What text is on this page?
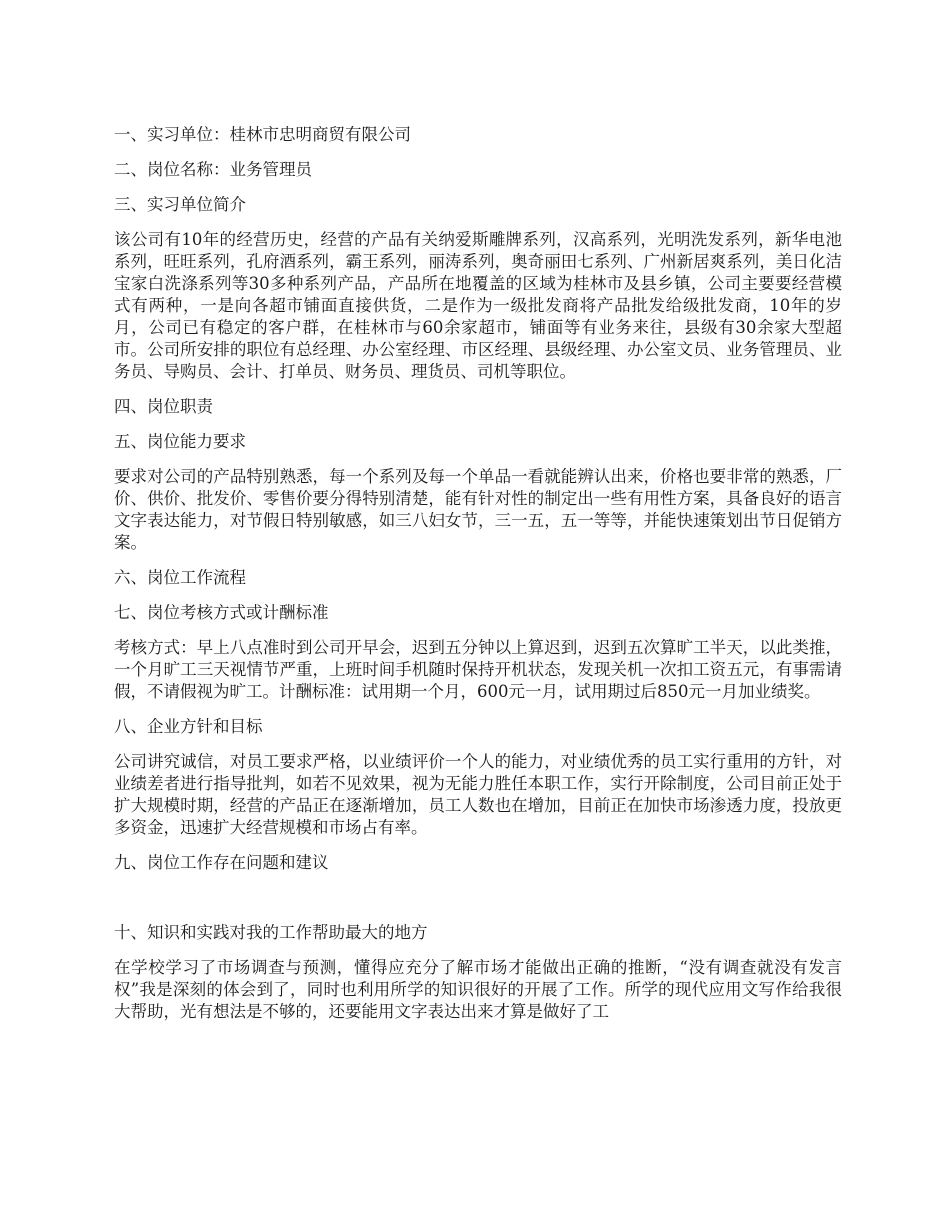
一、实习单位：桂林市忠明商贸有限公司
二、岗位名称：业务管理员
三、实习单位简介
该公司有10年的经营历史，经营的产品有关纳爱斯雕牌系列，汉高系列，光明洗发系列，新华电池系列，旺旺系列，孔府酒系列，霸王系列，丽涛系列，奥奇丽田七系列、广州新居爽系列，美日化洁宝家白洗涤系列等30多种系列产品，产品所在地覆盖的区域为桂林市及县乡镇，公司主要要经营模式有两种，一是向各超市铺面直接供货，二是作为一级批发商将产品批发给级批发商，10年的岁月，公司已有稳定的客户群，在桂林市与60余家超市，铺面等有业务来往，县级有30余家大型超市。公司所安排的职位有总经理、办公室经理、市区经理、县级经理、办公室文员、业务管理员、业务员、导购员、会计、打单员、财务员、理货员、司机等职位。
四、岗位职责
五、岗位能力要求
要求对公司的产品特别熟悉，每一个系列及每一个单品一看就能辨认出来，价格也要非常的熟悉，厂价、供价、批发价、零售价要分得特别清楚，能有针对性的制定出一些有用性方案，具备良好的语言文字表达能力，对节假日特别敏感，如三八妇女节，三一五，五一等等，并能快速策划出节日促销方案。
六、岗位工作流程
七、岗位考核方式或计酬标准
考核方式：早上八点准时到公司开早会，迟到五分钟以上算迟到，迟到五次算旷工半天，以此类推，一个月旷工三天视情节严重，上班时间手机随时保持开机状态，发现关机一次扣工资五元，有事需请假，不请假视为旷工。计酬标准：试用期一个月，600元一月，试用期过后850元一月加业绩奖。
八、企业方针和目标
公司讲究诚信，对员工要求严格，以业绩评价一个人的能力，对业绩优秀的员工实行重用的方针，对业绩差者进行指导批判，如若不见效果，视为无能力胜任本职工作，实行开除制度，公司目前正处于扩大规模时期，经营的产品正在逐渐增加，员工人数也在增加，目前正在加快市场渗透力度，投放更多资金，迅速扩大经营规模和市场占有率。
九、岗位工作存在问题和建议
十、知识和实践对我的工作帮助最大的地方
在学校学习了市场调查与预测，懂得应充分了解市场才能做出正确的推断，“没有调查就没有发言权”我是深刻的体会到了，同时也利用所学的知识很好的开展了工作。所学的现代应用文写作给我很大帮助，光有想法是不够的，还要能用文字表达出来才算是做好了工
